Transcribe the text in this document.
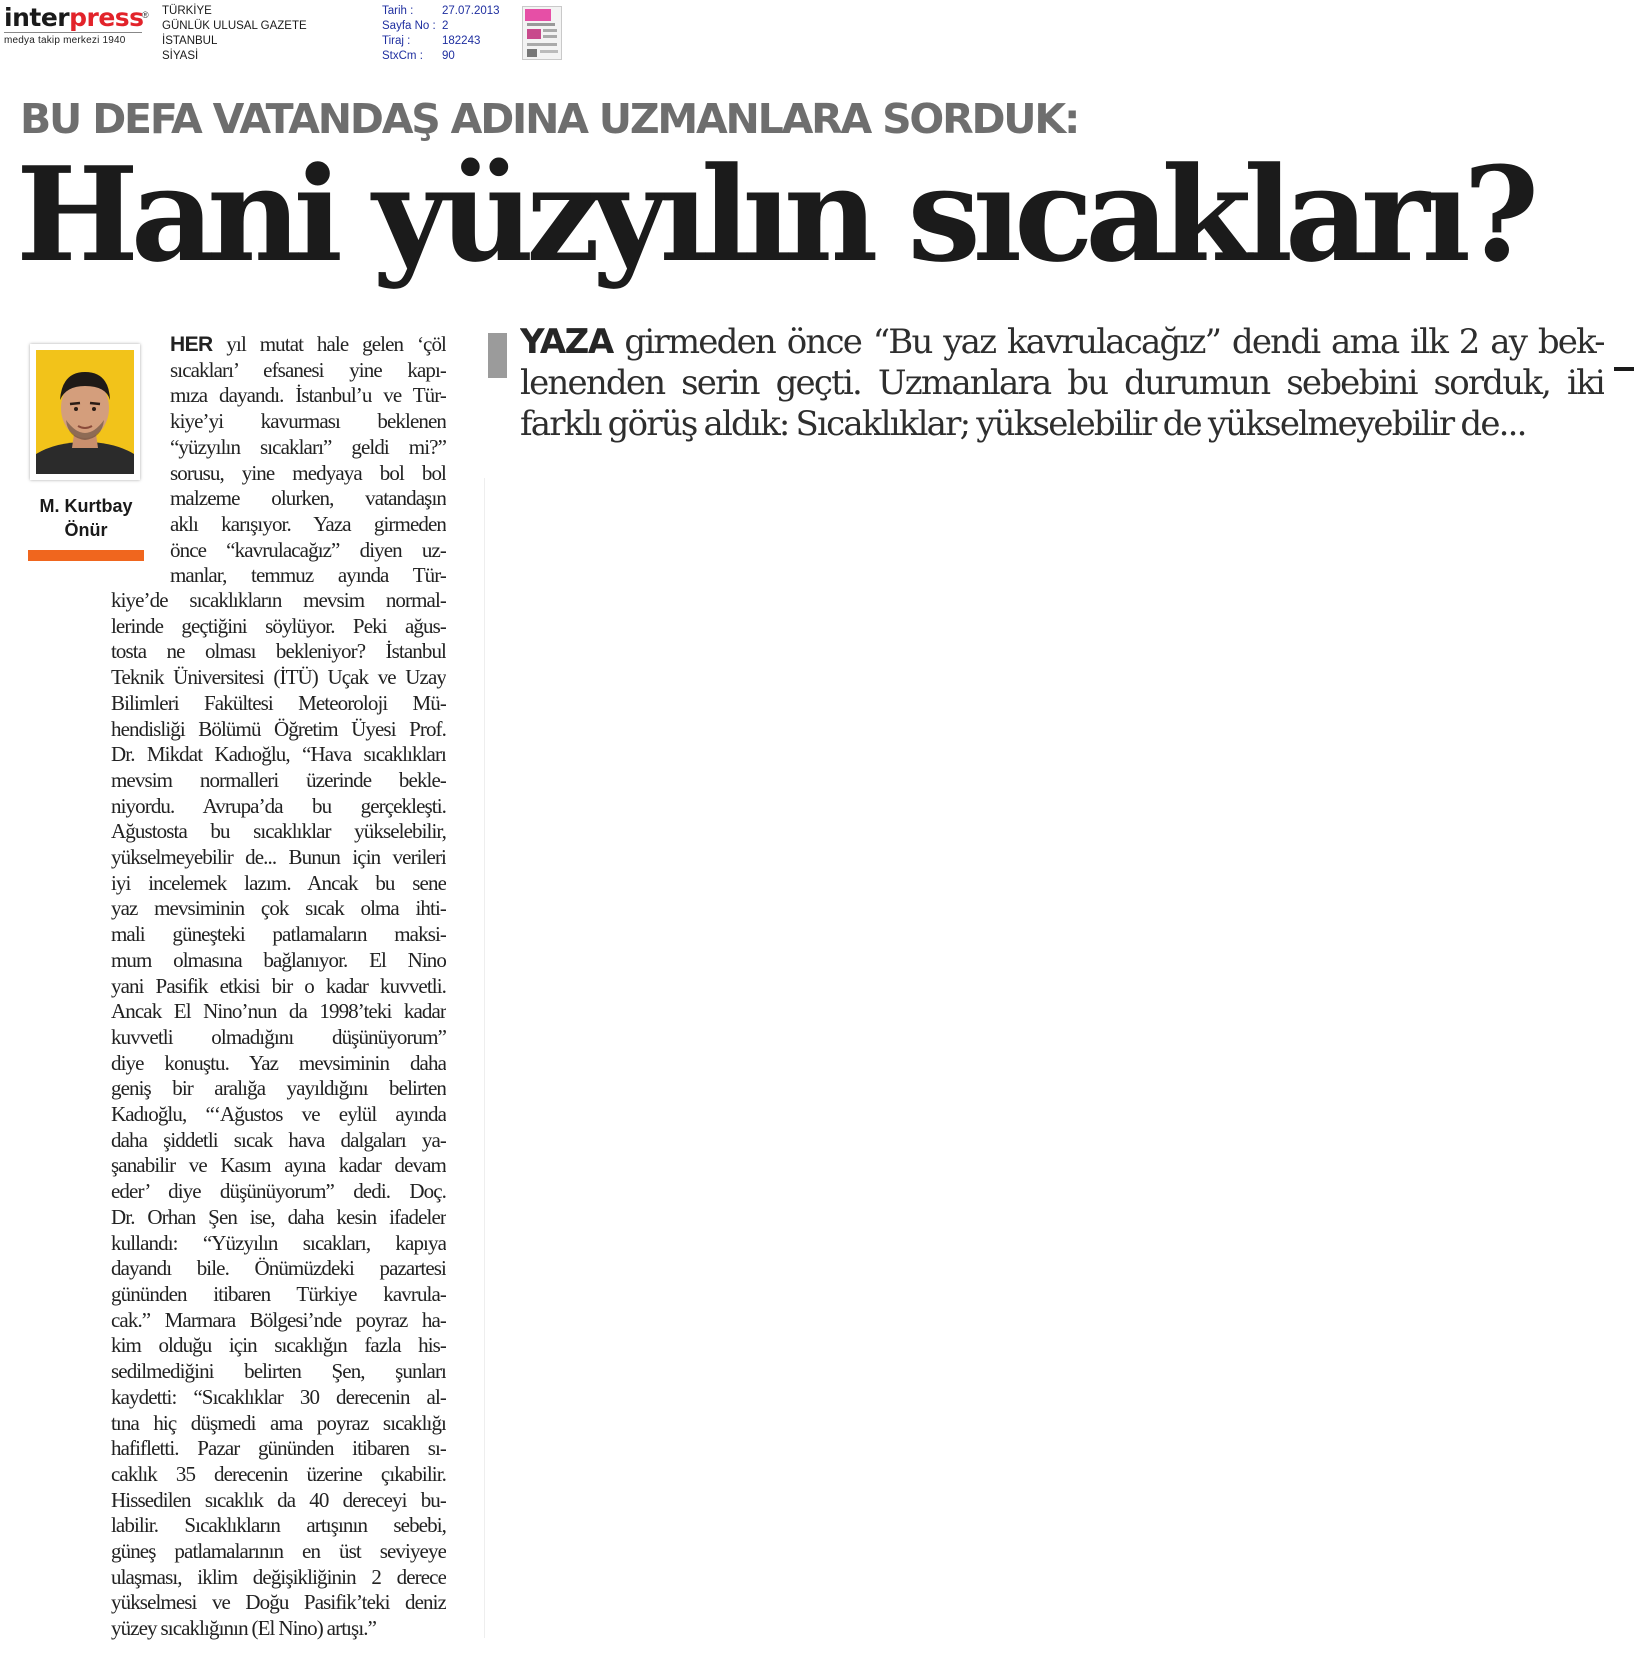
interpress
®
medya takip merkezi 1940
TÜRKİYE
GÜNLÜK ULUSAL GAZETE
İSTANBUL
SİYASİ
Tarih : 27.07.2013
Sayfa No : 2
Tiraj :	182243
StxCm : 90
BU DEFA VATANDAŞ ADINA UZMANLARA SORDUK:
Hani yüzyılın sıcakları?
M. Kurtbay
Önür
HER yıl mutat hale gelen ‘çöl
sıcakları’ efsanesi yine kapı-
mıza dayandı. İstanbul’u ve Tür-
kiye’yi kavurması beklenen
“yüzyılın sıcakları” geldi mi?”
sorusu, yine medyaya bol bol
malzeme olurken, vatandaşın
aklı karışıyor. Yaza girmeden
önce “kavrulacağız” diyen uz-
manlar, temmuz ayında Tür-
kiye’de sıcaklıkların mevsim normal-
lerinde geçtiğini söylüyor. Peki ağus-
tosta ne olması bekleniyor? İstanbul
Teknik Üniversitesi (İTÜ) Uçak ve Uzay
Bilimleri Fakültesi Meteoroloji Mü-
hendisliği Bölümü Öğretim Üyesi Prof.
Dr. Mikdat Kadıoğlu, “Hava sıcaklıkları
mevsim normalleri üzerinde bekle-
niyordu. Avrupa’da bu gerçekleşti.
Ağustosta bu sıcaklıklar yükselebilir,
yükselmeyebilir de... Bunun için verileri
iyi incelemek lazım. Ancak bu sene
yaz mevsiminin çok sıcak olma ihti-
mali güneşteki patlamaların maksi-
mum olmasına bağlanıyor. El Nino
yani Pasifik etkisi bir o kadar kuvvetli.
Ancak El Nino’nun da 1998’teki kadar
kuvvetli olmadığını düşünüyorum”
diye konuştu. Yaz mevsiminin daha
geniş bir aralığa yayıldığını belirten
Kadıoğlu, “‘Ağustos ve eylül ayında
daha şiddetli sıcak hava dalgaları ya-
şanabilir ve Kasım ayına kadar devam
eder’ diye düşünüyorum” dedi. Doç.
Dr. Orhan Şen ise, daha kesin ifadeler
kullandı: “Yüzyılın sıcakları, kapıya
dayandı bile. Önümüzdeki pazartesi
gününden itibaren Türkiye kavrula-
cak.” Marmara Bölgesi’nde poyraz ha-
kim olduğu için sıcaklığın fazla his-
sedilmediğini belirten Şen, şunları
kaydetti: “Sıcaklıklar 30 derecenin al-
tına hiç düşmedi ama poyraz sıcaklığı
hafifletti. Pazar gününden itibaren sı-
caklık 35 derecenin üzerine çıkabilir.
Hissedilen sıcaklık da 40 dereceyi bu-
labilir. Sıcaklıkların artışının sebebi,
güneş patlamalarının en üst seviyeye
ulaşması, iklim değişikliğinin 2 derece
yükselmesi ve Doğu Pasifik’teki deniz
yüzey sıcaklığının (El Nino) artışı.”
YAZA girmeden önce “Bu yaz kavrulacağız” dendi ama ilk 2 ay bek-
lenenden serin geçti. Uzmanlara bu durumun sebebini sorduk, iki
farklı görüş aldık: Sıcaklıklar; yükselebilir de yükselmeyebilir de...
